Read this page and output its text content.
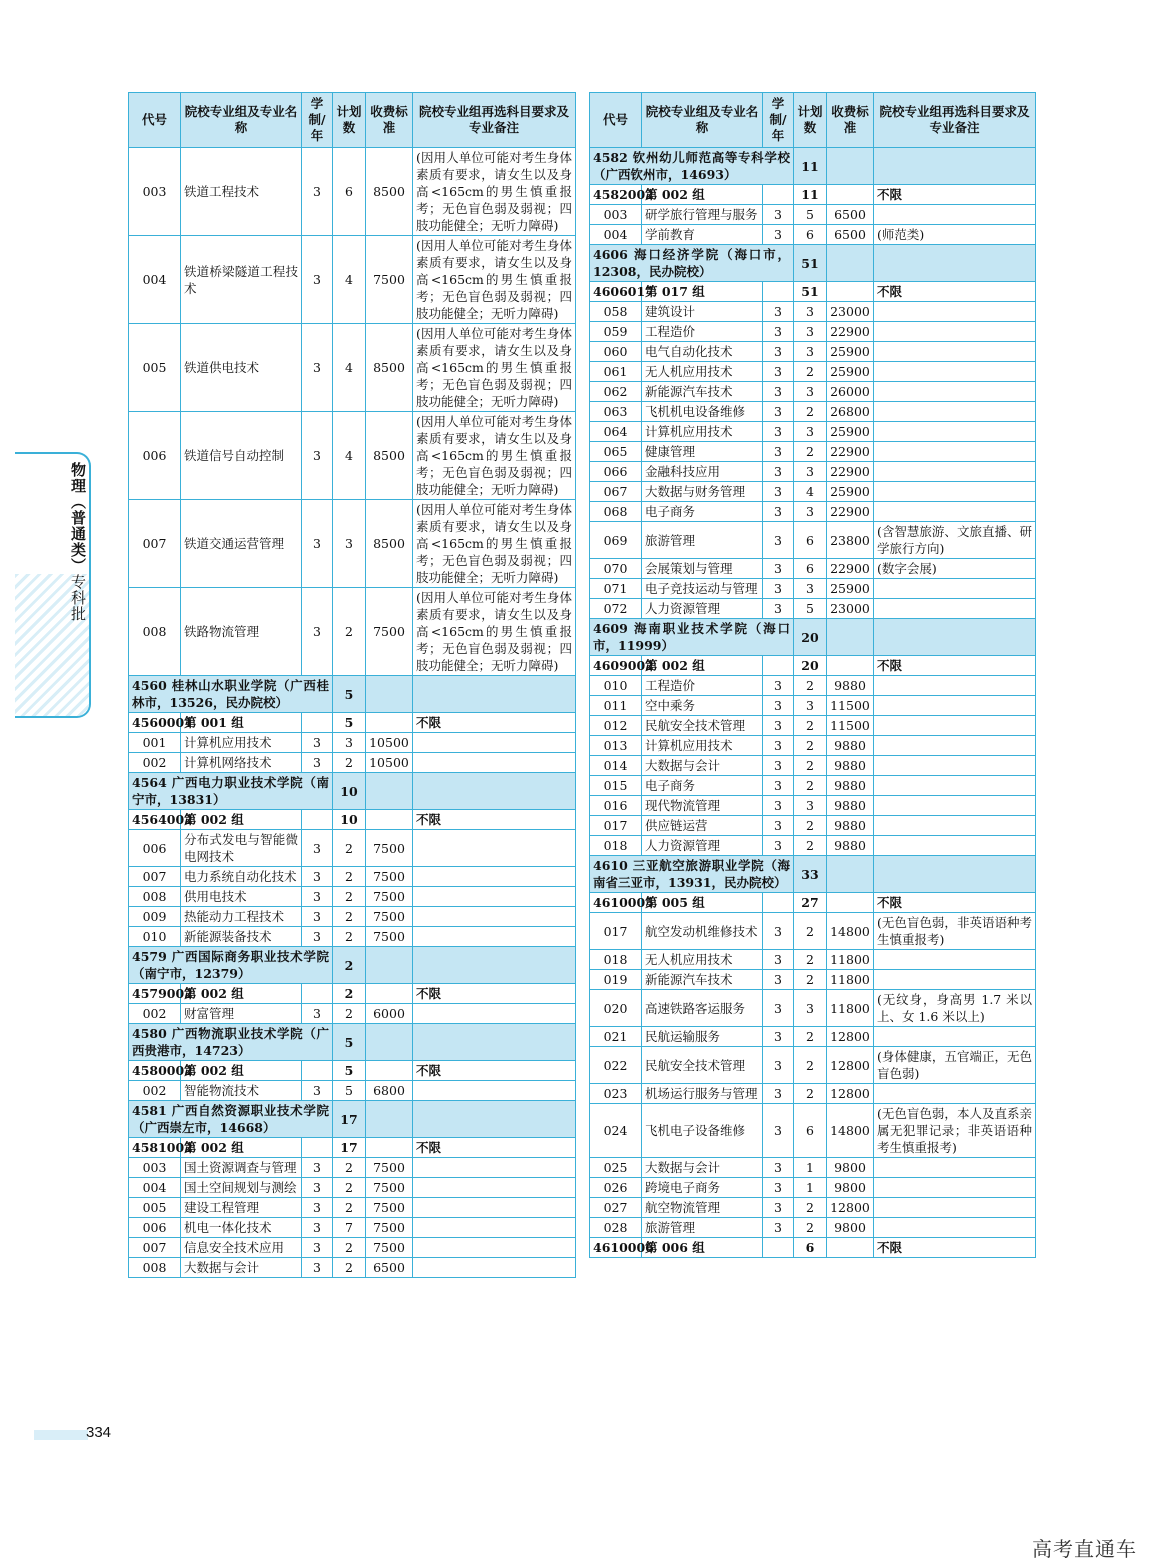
物理（普通类）专科批
代号	院校专业组及专业名称	学制/年	计划数	收费标准	院校专业组再选科目要求及专业备注
003	铁道工程技术	3	6	8500	(因用人单位可能对考生身体素质有要求，请女生以及身高<165cm的男生慎重报考；无色盲色弱及弱视；四肢功能健全；无听力障碍)
004	铁道桥梁隧道工程技术	3	4	7500	(因用人单位可能对考生身体素质有要求，请女生以及身高<165cm的男生慎重报考；无色盲色弱及弱视；四肢功能健全；无听力障碍)
005	铁道供电技术	3	4	8500	(因用人单位可能对考生身体素质有要求，请女生以及身高<165cm的男生慎重报考；无色盲色弱及弱视；四肢功能健全；无听力障碍)
006	铁道信号自动控制	3	4	8500	(因用人单位可能对考生身体素质有要求，请女生以及身高<165cm的男生慎重报考；无色盲色弱及弱视；四肢功能健全；无听力障碍)
007	铁道交通运营管理	3	3	8500	(因用人单位可能对考生身体素质有要求，请女生以及身高<165cm的男生慎重报考；无色盲色弱及弱视；四肢功能健全；无听力障碍)
008	铁路物流管理	3	2	7500	(因用人单位可能对考生身体素质有要求，请女生以及身高<165cm的男生慎重报考；无色盲色弱及弱视；四肢功能健全；无听力障碍)
4560 桂林山水职业学院（广西桂林市，13526，民办院校）			5		
4560001	第 001 组		5		不限
001	计算机应用技术	3	3	10500	
002	计算机网络技术	3	2	10500	
4564 广西电力职业技术学院（南宁市，13831）			10		
4564002	第 002 组		10		不限
006	分布式发电与智能微电网技术	3	2	7500	
007	电力系统自动化技术	3	2	7500	
008	供用电技术	3	2	7500	
009	热能动力工程技术	3	2	7500	
010	新能源装备技术	3	2	7500	
4579 广西国际商务职业技术学院（南宁市，12379）			2		
4579002	第 002 组		2		不限
002	财富管理	3	2	6000	
4580 广西物流职业技术学院（广西贵港市，14723）			5		
4580002	第 002 组		5		不限
002	智能物流技术	3	5	6800	
4581 广西自然资源职业技术学院（广西崇左市，14668）			17		
4581002	第 002 组		17		不限
003	国土资源调查与管理	3	2	7500	
004	国土空间规划与测绘	3	2	7500	
005	建设工程管理	3	2	7500	
006	机电一体化技术	3	7	7500	
007	信息安全技术应用	3	2	7500	
008	大数据与会计	3	2	6500	
代号	院校专业组及专业名称	学制/年	计划数	收费标准	院校专业组再选科目要求及专业备注
4582 钦州幼儿师范高等专科学校（广西钦州市，14693）			11		
4582002	第 002 组		11		不限
003	研学旅行管理与服务	3	5	6500	
004	学前教育	3	6	6500	(师范类)
4606 海口经济学院（海口市，12308，民办院校）			51		
4606017	第 017 组		51		不限
058	建筑设计	3	3	23000	
059	工程造价	3	3	22900	
060	电气自动化技术	3	3	25900	
061	无人机应用技术	3	2	25900	
062	新能源汽车技术	3	3	26000	
063	飞机机电设备维修	3	2	26800	
064	计算机应用技术	3	3	25900	
065	健康管理	3	2	22900	
066	金融科技应用	3	3	22900	
067	大数据与财务管理	3	4	25900	
068	电子商务	3	3	22900	
069	旅游管理	3	6	23800	(含智慧旅游、文旅直播、研学旅行方向)
070	会展策划与管理	3	6	22900	(数字会展)
071	电子竞技运动与管理	3	3	25900	
072	人力资源管理	3	5	23000	
4609 海南职业技术学院（海口市，11999）			20		
4609002	第 002 组		20		不限
010	工程造价	3	2	9880	
011	空中乘务	3	3	11500	
012	民航安全技术管理	3	2	11500	
013	计算机应用技术	3	2	9880	
014	大数据与会计	3	2	9880	
015	电子商务	3	2	9880	
016	现代物流管理	3	3	9880	
017	供应链运营	3	2	9880	
018	人力资源管理	3	2	9880	
4610 三亚航空旅游职业学院（海南省三亚市，13931，民办院校）			33		
4610005	第 005 组		27		不限
017	航空发动机维修技术	3	2	14800	(无色盲色弱，非英语语种考生慎重报考)
018	无人机应用技术	3	2	11800	
019	新能源汽车技术	3	2	11800	
020	高速铁路客运服务	3	3	11800	(无纹身，身高男 1.7 米以上、女 1.6 米以上)
021	民航运输服务	3	2	12800	
022	民航安全技术管理	3	2	12800	(身体健康，五官端正，无色盲色弱)
023	机场运行服务与管理	3	2	12800	
024	飞机电子设备维修	3	6	14800	(无色盲色弱，本人及直系亲属无犯罪记录；非英语语种考生慎重报考)
025	大数据与会计	3	1	9800	
026	跨境电子商务	3	1	9800	
027	航空物流管理	3	2	12800	
028	旅游管理	3	2	9800	
4610006	第 006 组		6		不限
334
高考直通车
